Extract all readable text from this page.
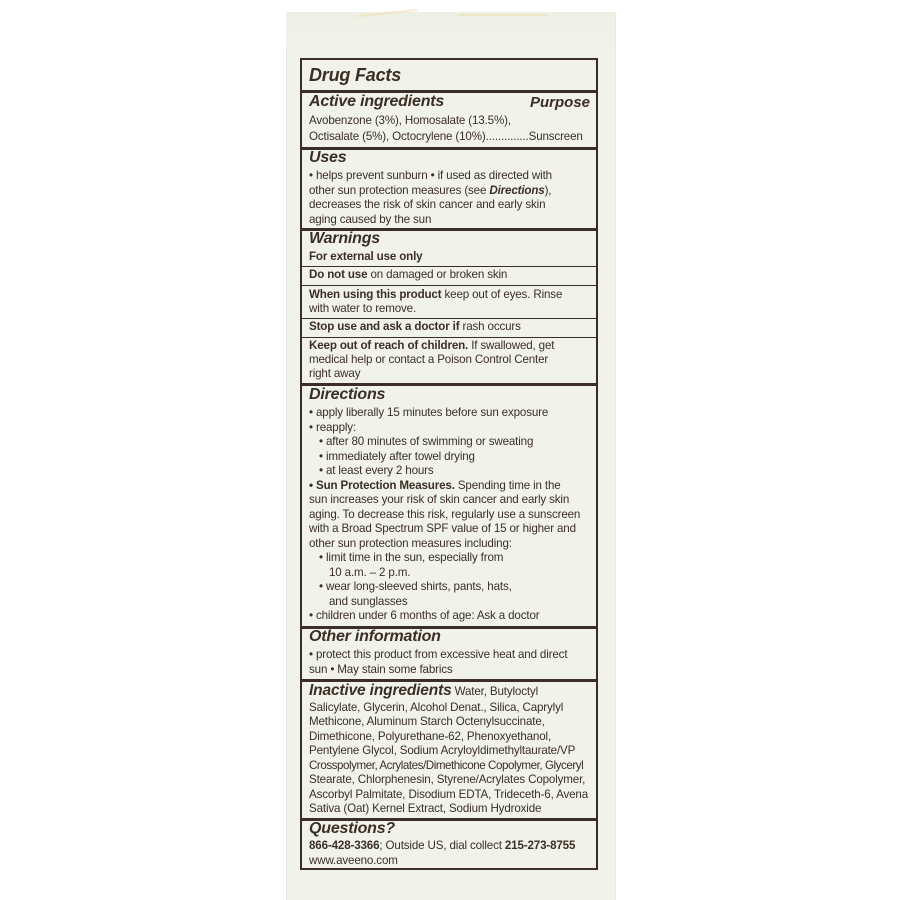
Drug Facts
Active ingredients	Purpose
Avobenzone (3%), Homosalate (13.5%),
Octisalate (5%), Octocrylene (10%)..............Sunscreen
Uses
• helps prevent sunburn • if used as directed with
other sun protection measures (see Directions),
decreases the risk of skin cancer and early skin
aging caused by the sun
Warnings
For external use only
Do not use on damaged or broken skin
When using this product keep out of eyes. Rinse
with water to remove.
Stop use and ask a doctor if rash occurs
Keep out of reach of children. If swallowed, get
medical help or contact a Poison Control Center
right away
Directions
• apply liberally 15 minutes before sun exposure
• reapply:
• after 80 minutes of swimming or sweating
• immediately after towel drying
• at least every 2 hours
• Sun Protection Measures. Spending time in the
sun increases your risk of skin cancer and early skin
aging. To decrease this risk, regularly use a sunscreen
with a Broad Spectrum SPF value of 15 or higher and
other sun protection measures including:
• limit time in the sun, especially from
10 a.m. – 2 p.m.
• wear long-sleeved shirts, pants, hats,
and sunglasses
• children under 6 months of age: Ask a doctor
Other information
• protect this product from excessive heat and direct
sun • May stain some fabrics
Inactive ingredients Water, Butyloctyl
Salicylate, Glycerin, Alcohol Denat., Silica, Caprylyl
Methicone, Aluminum Starch Octenylsuccinate,
Dimethicone, Polyurethane-62, Phenoxyethanol,
Pentylene Glycol, Sodium Acryloyldimethyltaurate/VP
Crosspolymer, Acrylates/Dimethicone Copolymer, Glyceryl
Stearate, Chlorphenesin, Styrene/Acrylates Copolymer,
Ascorbyl Palmitate, Disodium EDTA, Trideceth-6, Avena
Sativa (Oat) Kernel Extract, Sodium Hydroxide
Questions?
866-428-3366; Outside US, dial collect 215-273-8755
www.aveeno.com
